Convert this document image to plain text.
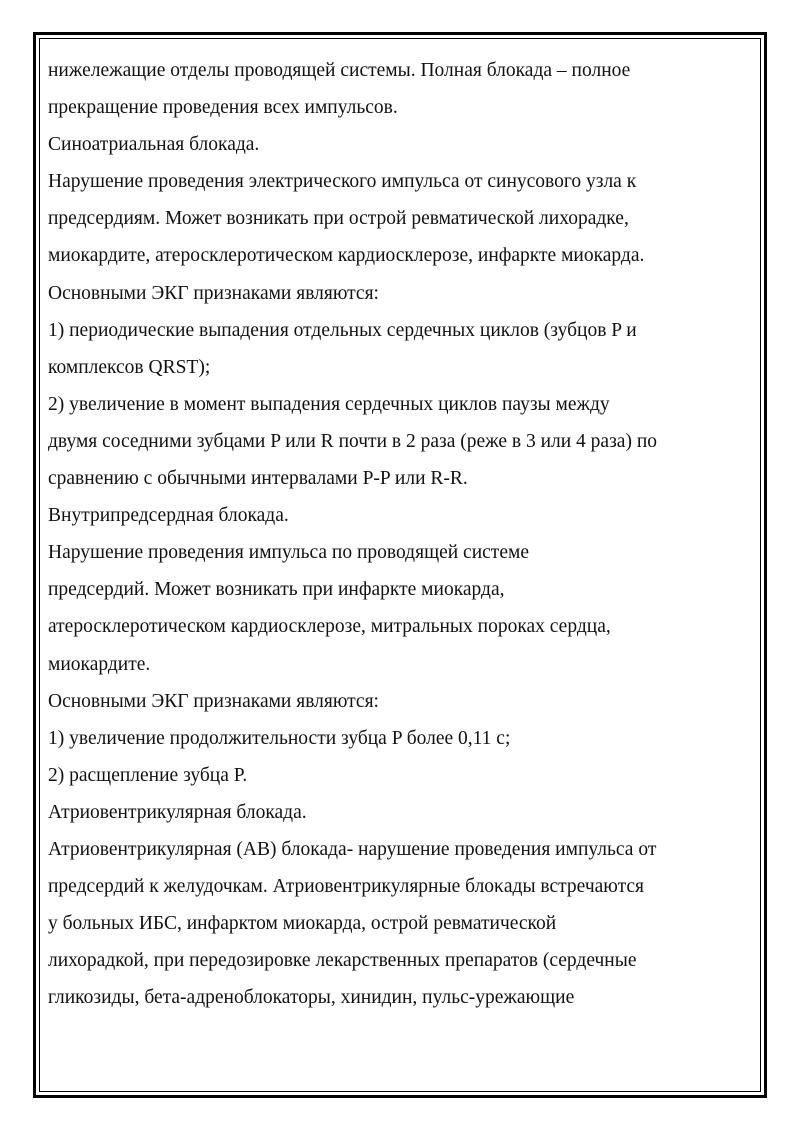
нижележащие отделы проводящей системы. Полная блокада – полное
прекращение проведения всех импульсов.
Синоатриальная блокада.
Нарушение проведения электрического импульса от синусового узла к
предсердиям. Может возникать при острой ревматической лихорадке,
миокардите, атеросклеротическом кардиосклерозе, инфаркте миокарда.
Основными ЭКГ признаками являются:
1) периодические выпадения отдельных сердечных циклов (зубцов P и
комплексов QRST);
2) увеличение в момент выпадения сердечных циклов паузы между
двумя соседними зубцами P или R почти в 2 раза (реже в 3 или 4 раза) по
сравнению с обычными интервалами P-P или R-R.
Внутрипредсердная блокада.
Нарушение проведения импульса по проводящей системе
предсердий. Может возникать при инфаркте миокарда,
атеросклеротическом кардиосклерозе, митральных пороках сердца,
миокардите.
Основными ЭКГ признаками являются:
1) увеличение продолжительности зубца P более 0,11 с;
2) расщепление зубца P.
Атриовентрикулярная блокада.
Атриовентрикулярная (АВ) блокада- нарушение проведения импульса от
предсердий к желудочкам. Атриовентрикулярные блоκады встречаются
у больных ИБС, инфарктом миокарда, острой ревматической
лихорадкой, при передозировке лекарственных препаратов (сердечные
гликозиды, бета-адреноблокаторы, хинидин, пульс-урежающие
